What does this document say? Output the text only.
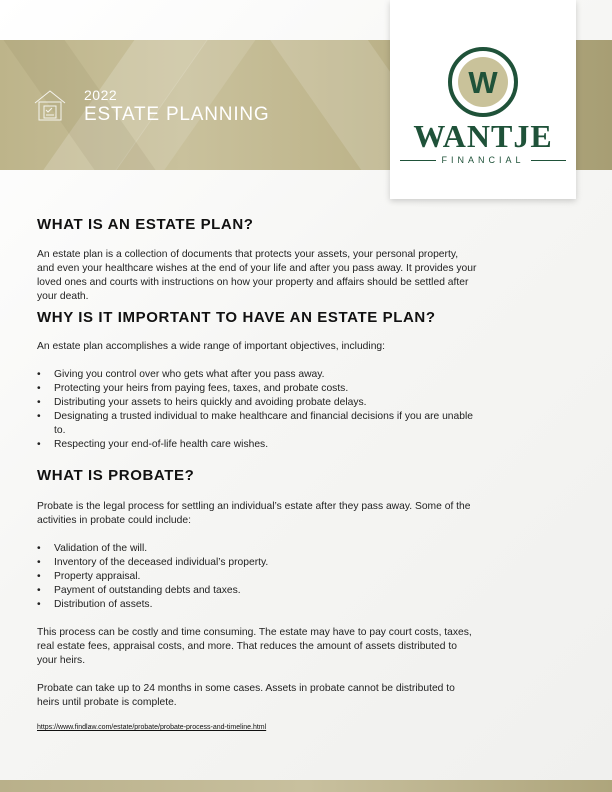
2022
ESTATE PLANNING
W
WANTJE
FINANCIAL
WHAT IS AN ESTATE PLAN?

An estate plan is a collection of documents that protects your assets, your personal property, and even your healthcare wishes at the end of your life and after you pass away. It provides your loved ones and courts with instructions on how your property and affairs should be settled after your death.

WHY IS IT IMPORTANT TO HAVE AN ESTATE PLAN?

An estate plan accomplishes a wide range of important objectives, including:

• Giving you control over who gets what after you pass away.
• Protecting your heirs from paying fees, taxes, and probate costs.
• Distributing your assets to heirs quickly and avoiding probate delays.
• Designating a trusted individual to make healthcare and financial decisions if you are unable to.
• Respecting your end-of-life health care wishes.
WHAT IS PROBATE?

Probate is the legal process for settling an individual’s estate after they pass away. Some of the activities in probate could include:

• Validation of the will.
• Inventory of the deceased individual’s property.
• Property appraisal.
• Payment of outstanding debts and taxes.
• Distribution of assets.

This process can be costly and time consuming. The estate may have to pay court costs, taxes, real estate fees, appraisal costs, and more. That reduces the amount of assets distributed to your heirs.

Probate can take up to 24 months in some cases. Assets in probate cannot be distributed to heirs until probate is complete.

https://www.findlaw.com/estate/probate/probate-process-and-timeline.html
